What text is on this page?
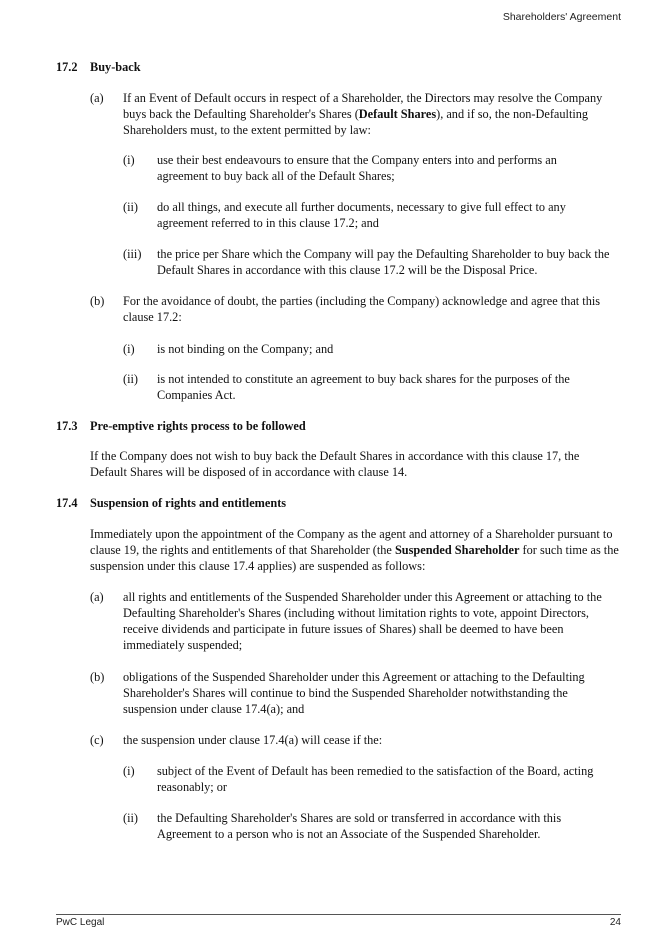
Shareholders' Agreement
17.2 Buy-back
(a) If an Event of Default occurs in respect of a Shareholder, the Directors may resolve the Company buys back the Defaulting Shareholder's Shares (Default Shares), and if so, the non-Defaulting Shareholders must, to the extent permitted by law:

(i) use their best endeavours to ensure that the Company enters into and performs an agreement to buy back all of the Default Shares;

(ii) do all things, and execute all further documents, necessary to give full effect to any agreement referred to in this clause 17.2; and

(iii) the price per Share which the Company will pay the Defaulting Shareholder to buy back the Default Shares in accordance with this clause 17.2 will be the Disposal Price.

(b) For the avoidance of doubt, the parties (including the Company) acknowledge and agree that this clause 17.2:

(i) is not binding on the Company; and

(ii) is not intended to constitute an agreement to buy back shares for the purposes of the Companies Act.

17.3 Pre-emptive rights process to be followed

If the Company does not wish to buy back the Default Shares in accordance with this clause 17, the Default Shares will be disposed of in accordance with clause 14.

17.4 Suspension of rights and entitlements

Immediately upon the appointment of the Company as the agent and attorney of a Shareholder pursuant to clause 19, the rights and entitlements of that Shareholder (the Suspended Shareholder for such time as the suspension under this clause 17.4 applies) are suspended as follows:

(a) all rights and entitlements of the Suspended Shareholder under this Agreement or attaching to the Defaulting Shareholder's Shares (including without limitation rights to vote, appoint Directors, receive dividends and participate in future issues of Shares) shall be deemed to have been immediately suspended;

(b) obligations of the Suspended Shareholder under this Agreement or attaching to the Defaulting Shareholder's Shares will continue to bind the Suspended Shareholder notwithstanding the suspension under clause 17.4(a); and

(c) the suspension under clause 17.4(a) will cease if the:

(i) subject of the Event of Default has been remedied to the satisfaction of the Board, acting reasonably; or

(ii) the Defaulting Shareholder's Shares are sold or transferred in accordance with this Agreement to a person who is not an Associate of the Suspended Shareholder.

PwC Legal	24
